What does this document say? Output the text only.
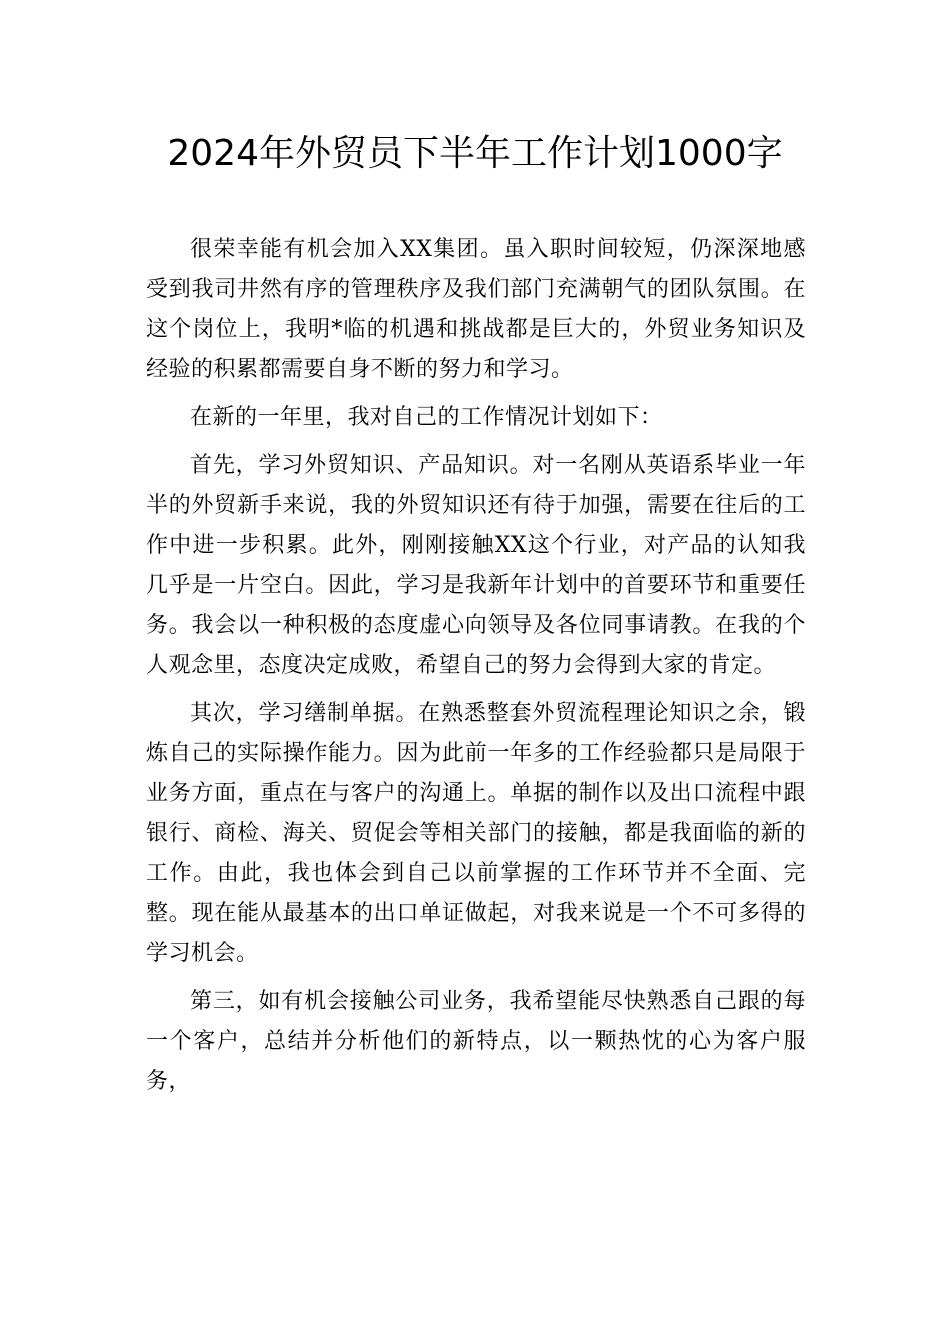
2024年外贸员下半年工作计划1000字

很荣幸能有机会加入XX集团。虽入职时间较短，仍深深地感受到我司井然有序的管理秩序及我们部门充满朝气的团队氛围。在这个岗位上，我明*临的机遇和挑战都是巨大的，外贸业务知识及经验的积累都需要自身不断的努力和学习。

在新的一年里，我对自己的工作情况计划如下：

首先，学习外贸知识、产品知识。对一名刚从英语系毕业一年半的外贸新手来说，我的外贸知识还有待于加强，需要在往后的工作中进一步积累。此外，刚刚接触XX这个行业，对产品的认知我几乎是一片空白。因此，学习是我新年计划中的首要环节和重要任务。我会以一种积极的态度虚心向领导及各位同事请教。在我的个人观念里，态度决定成败，希望自己的努力会得到大家的肯定。

其次，学习缮制单据。在熟悉整套外贸流程理论知识之余，锻炼自己的实际操作能力。因为此前一年多的工作经验都只是局限于业务方面，重点在与客户的沟通上。单据的制作以及出口流程中跟银行、商检、海关、贸促会等相关部门的接触，都是我面临的新的工作。由此，我也体会到自己以前掌握的工作环节并不全面、完整。现在能从最基本的出口单证做起，对我来说是一个不可多得的学习机会。

第三，如有机会接触公司业务，我希望能尽快熟悉自己跟的每一个客户，总结并分析他们的新特点，以一颗热忱的心为客户服务，
